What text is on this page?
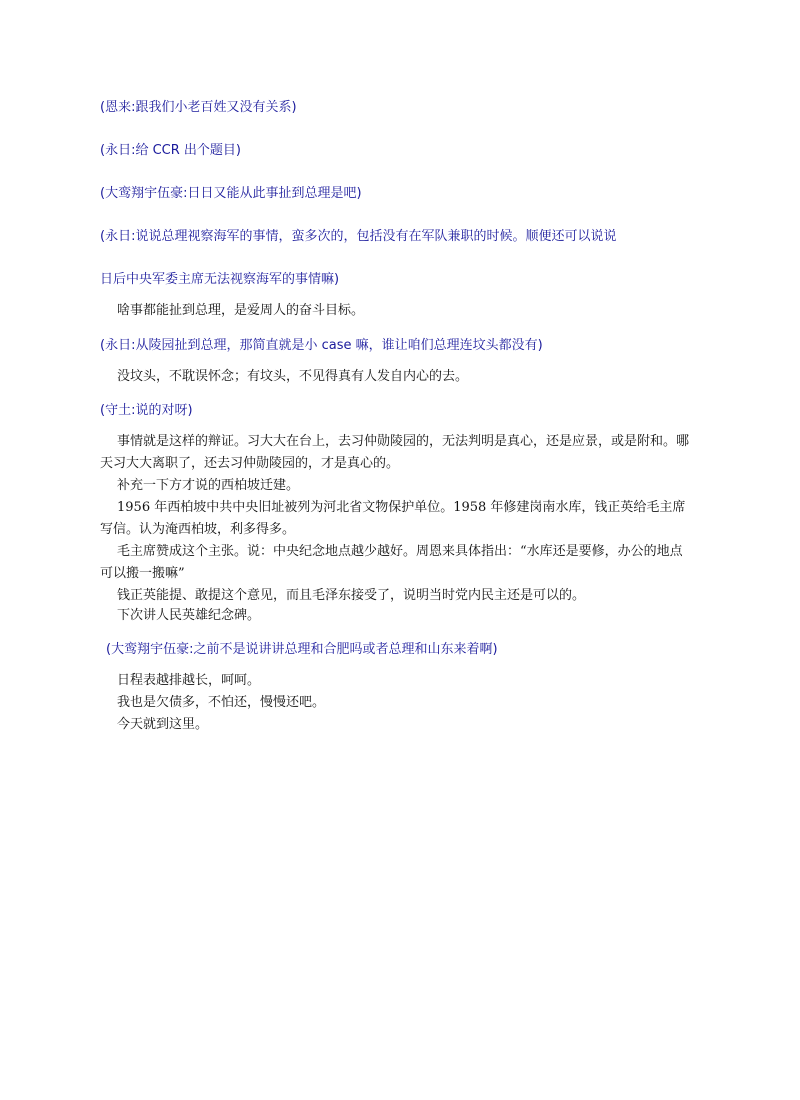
(恩来:跟我们小老百姓又没有关系)
(永日:给 CCR 出个题目)
(大鸾翔宇伍豪:日日又能从此事扯到总理是吧)
(永日:说说总理视察海军的事情，蛮多次的，包括没有在军队兼职的时候。顺便还可以说说
日后中央军委主席无法视察海军的事情嘛)
啥事都能扯到总理，是爱周人的奋斗目标。
(永日:从陵园扯到总理，那简直就是小 case 嘛，谁让咱们总理连坟头都没有)
没坟头，不耽误怀念；有坟头，不见得真有人发自内心的去。
(守土:说的对呀)
事情就是这样的辩证。习大大在台上，去习仲勋陵园的，无法判明是真心，还是应景，或是附和。哪天习大大离职了，还去习仲勋陵园的，才是真心的。
补充一下方才说的西柏坡迁建。
1956 年西柏坡中共中央旧址被列为河北省文物保护单位。1958 年修建岗南水库，钱正英给毛主席写信。认为淹西柏坡，利多得多。
毛主席赞成这个主张。说：中央纪念地点越少越好。周恩来具体指出：“水库还是要修，办公的地点可以搬一搬嘛”
钱正英能提、敢提这个意见，而且毛泽东接受了，说明当时党内民主还是可以的。
下次讲人民英雄纪念碑。
(大鸾翔宇伍豪:之前不是说讲讲总理和合肥吗或者总理和山东来着啊)
日程表越排越长，呵呵。
我也是欠债多，不怕还，慢慢还吧。
今天就到这里。
